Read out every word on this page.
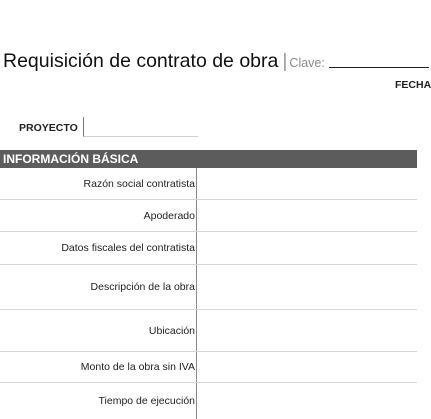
Requisición de contrato de obra | Clave:
FECHA
PROYECTO
INFORMACIÓN BÁSICA
Razón social contratista
Apoderado
Datos fiscales del contratista
Descripción de la obra
Ubicación
Monto de la obra sin IVA
Tiempo de ejecución
